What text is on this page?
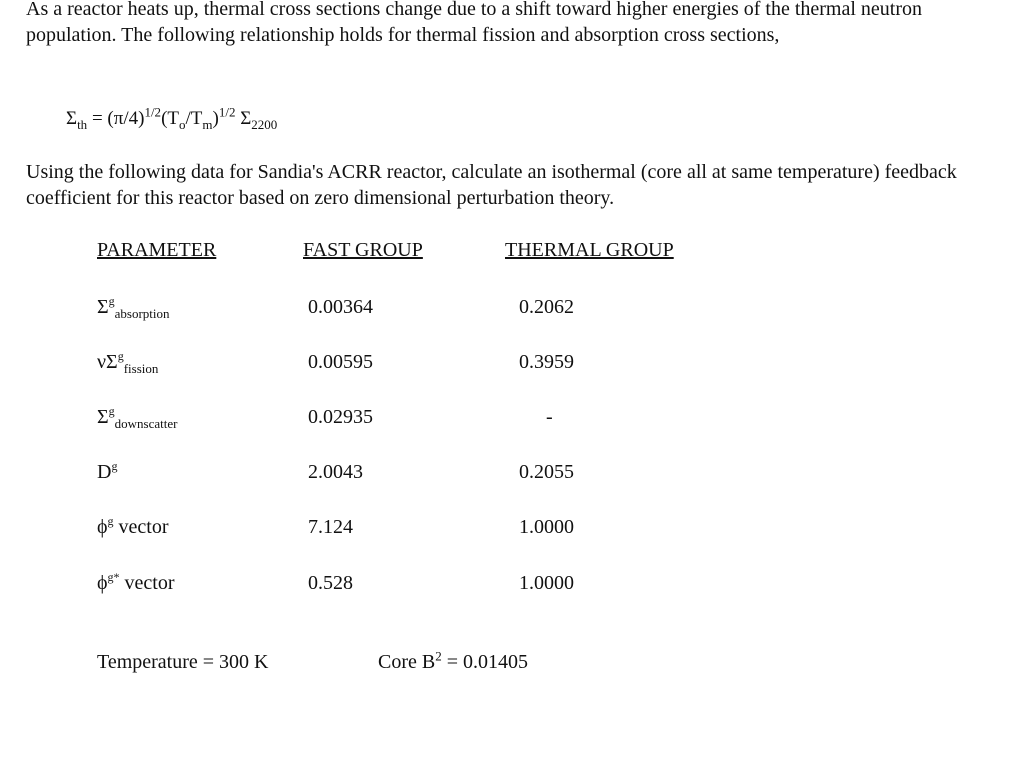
As a reactor heats up, thermal cross sections change due to a shift toward higher energies of the thermal neutron population. The following relationship holds for thermal fission and absorption cross sections,

$\Sigma_{th} = (\pi/4)^{1/2}(T_o/T_m)^{1/2}$ $\Sigma_{2200}$

Using the following data for Sandia's ACRR reactor, calculate an isothermal (core all at same temperature) feedback coefficient for this reactor based on zero dimensional perturbation theory.

PARAMETER	FAST GROUP	THERMAL GROUP
$\Sigma^g_{absorption}$	0.00364	0.2062
$\nu\Sigma^g_{fission}$	0.00595	0.3959
$\Sigma^g_{downscatter}$	0.02935	-
$D^g$	2.0043	0.2055
$\phi^g$ vector	7.124	1.0000
$\phi^{g*}$ vector	0.528	1.0000
Temperature = 300 K	Core $B^2 = 0.01405$
